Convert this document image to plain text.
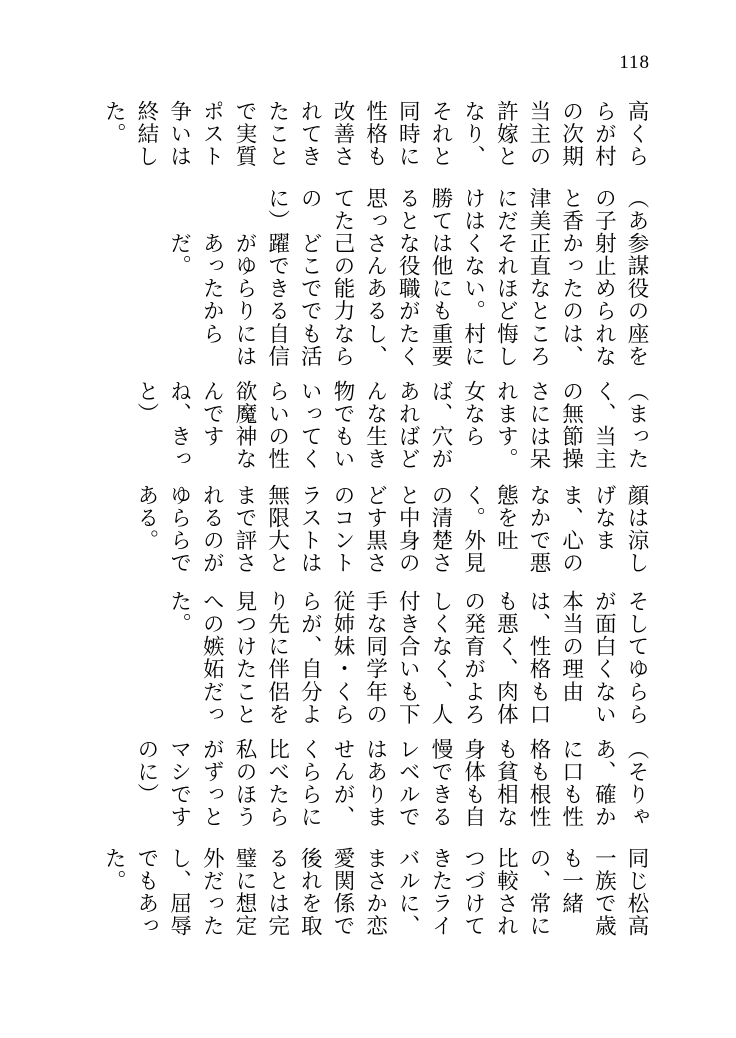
118
高くららが村の次期当主の許嫁となり、それと同時に性格も改善されてきたことで実質ポスト争いは終結した。
（あの子と香津美にだけは勝てると思ってたのに）
参謀役の座を射止められなかったのは、正直なところそれほど悔しくない。村には他にも重要な役職がたくさんあるし、己の能力ならどこででも活躍できる自信がゆらりにはあったからだ。
（まったく、当主の無節操さには呆れます。女ならば、穴があればどんな生き物でもいいってくらいの性欲魔神なんですね、きっと）
顔は涼しげなまま、心のなかで悪態を吐く。外見の清楚さと中身のどす黒さのコントラストは無限大とまで評されるのがゆららである。
そしてゆららが面白くない本当の理由は、性格も口も悪く、肉体の発育がよろしくなく、人付き合いも下手な同学年の従姉妹・くららが、自分より先に伴侶を見つけたことへの嫉妬だった。
（そりゃあ、確かに口も性格も根性も貧相な身体も自慢できるレベルではありませんが、くららに比べたら私のほうがずっとマシですのに）
同じ松高一族で歳も一緒の、常に比較されつづけてきたライバルに、まさか恋愛関係で後れを取るとは完璧に想定外だったし、屈辱でもあった。
